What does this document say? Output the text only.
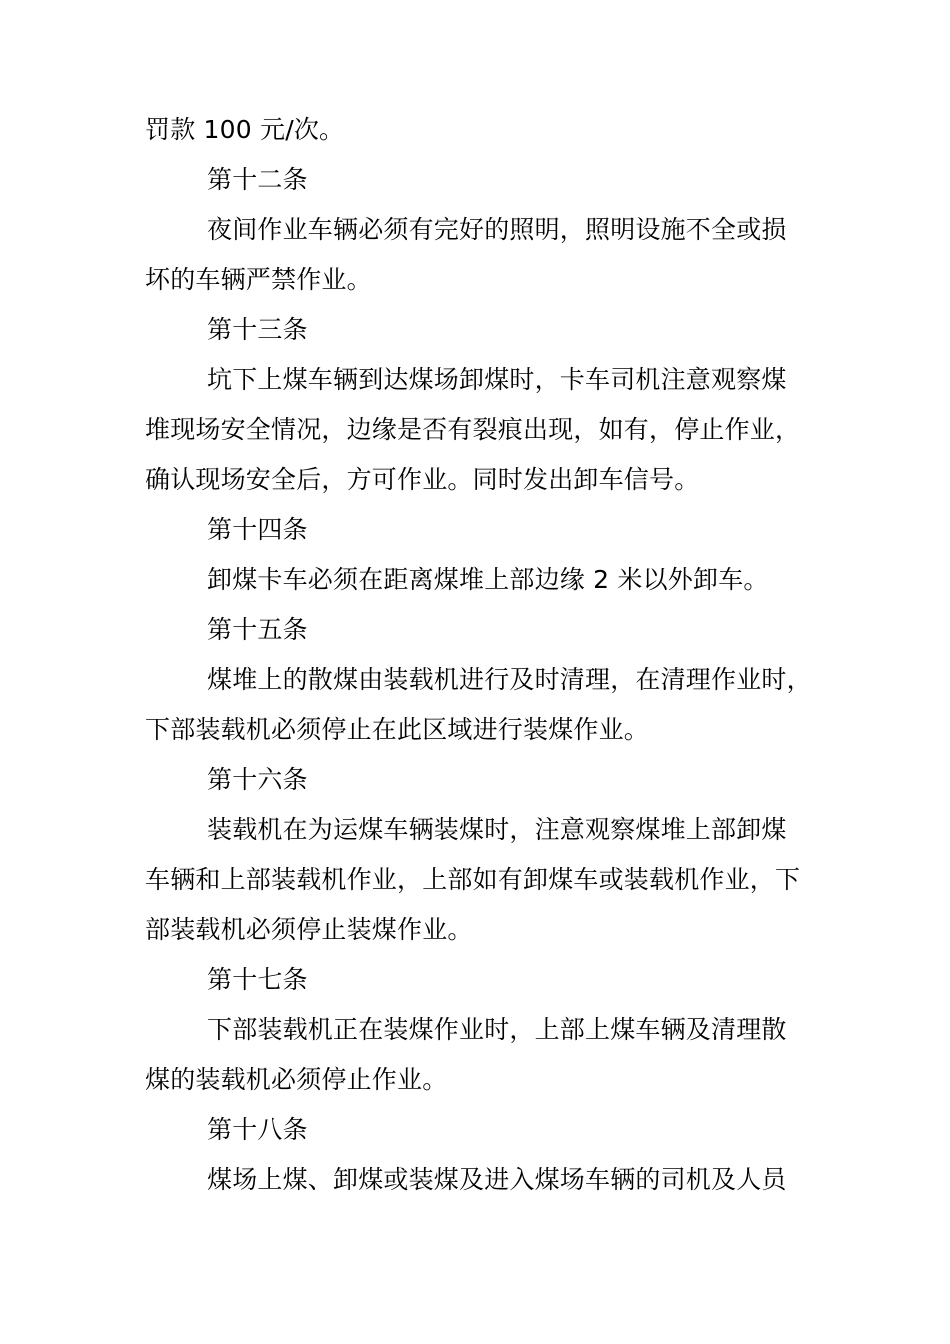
罚款 100 元/次。
第十二条
夜间作业车辆必须有完好的照明，照明设施不全或损
坏的车辆严禁作业。
第十三条
坑下上煤车辆到达煤场卸煤时，卡车司机注意观察煤
堆现场安全情况，边缘是否有裂痕出现，如有，停止作业，
确认现场安全后，方可作业。同时发出卸车信号。
第十四条
卸煤卡车必须在距离煤堆上部边缘 2 米以外卸车。
第十五条
煤堆上的散煤由装载机进行及时清理，在清理作业时，
下部装载机必须停止在此区域进行装煤作业。
第十六条
装载机在为运煤车辆装煤时，注意观察煤堆上部卸煤
车辆和上部装载机作业，上部如有卸煤车或装载机作业，下
部装载机必须停止装煤作业。
第十七条
下部装载机正在装煤作业时，上部上煤车辆及清理散
煤的装载机必须停止作业。
第十八条
煤场上煤、卸煤或装煤及进入煤场车辆的司机及人员
